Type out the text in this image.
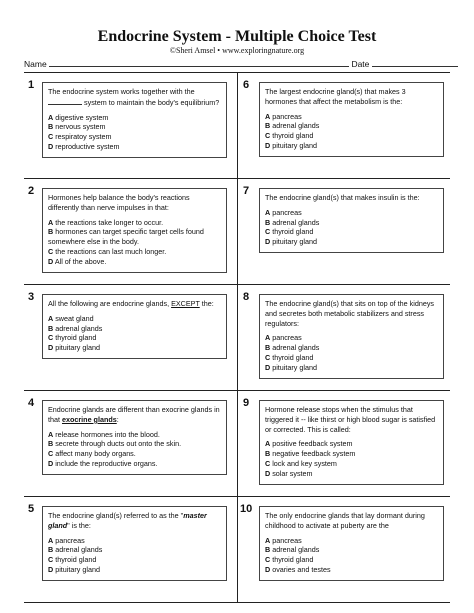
Endocrine System - Multiple Choice Test
©Sheri Amsel • www.exploringnature.org
Name	Date
1

The endocrine system works together with the  system to maintain the body's equilibrium?

A digestive system

B nervous system

C respiratoy system

D reproductive system

2

Hormones help balance the body's reactions differently than nerve impulses in that:

A the reactions take longer to occur.

B hormones can target specific target cells found somewhere else in the body.

C the reactions can last much longer.

D All of the above.

3

All the following are endocrine glands, EXCEPT the:

A sweat gland

B adrenal glands

C thyroid gland

D pituitary gland

4

Endocrine glands are different than exocrine glands in that exocrine glands:

A release hormones into the blood.

B secrete through ducts out onto the skin.

C affect many body organs.

D include the reproductive organs.

5

The endocrine gland(s) referred to as the "master gland" is the:

A pancreas

B adrenal glands

C thyroid gland

D pituitary gland

6

The largest endocrine gland(s) that makes 3 hormones that affect the metabolism is the:

A pancreas

B adrenal glands

C thyroid gland

D pituitary gland

7

The endocrine gland(s) that makes insulin is the:

A pancreas

B adrenal glands

C thyroid gland

D pituitary gland

8

The endocrine gland(s) that sits on top of the kidneys and secretes both metabolic stabilizers and stress regulators:

A pancreas

B adrenal glands

C thyroid gland

D pituitary gland

9

Hormone release stops when the stimulus that triggered it -- like thirst or high blood sugar is satisfied or corrected. This is called:

A positive feedback system

B negative feedback system

C lock and key system

D solar system

10

The only endocrine glands that lay dormant during childhood to activate at puberty are the

A pancreas

B adrenal glands

C thyroid gland

D ovaries and testes
